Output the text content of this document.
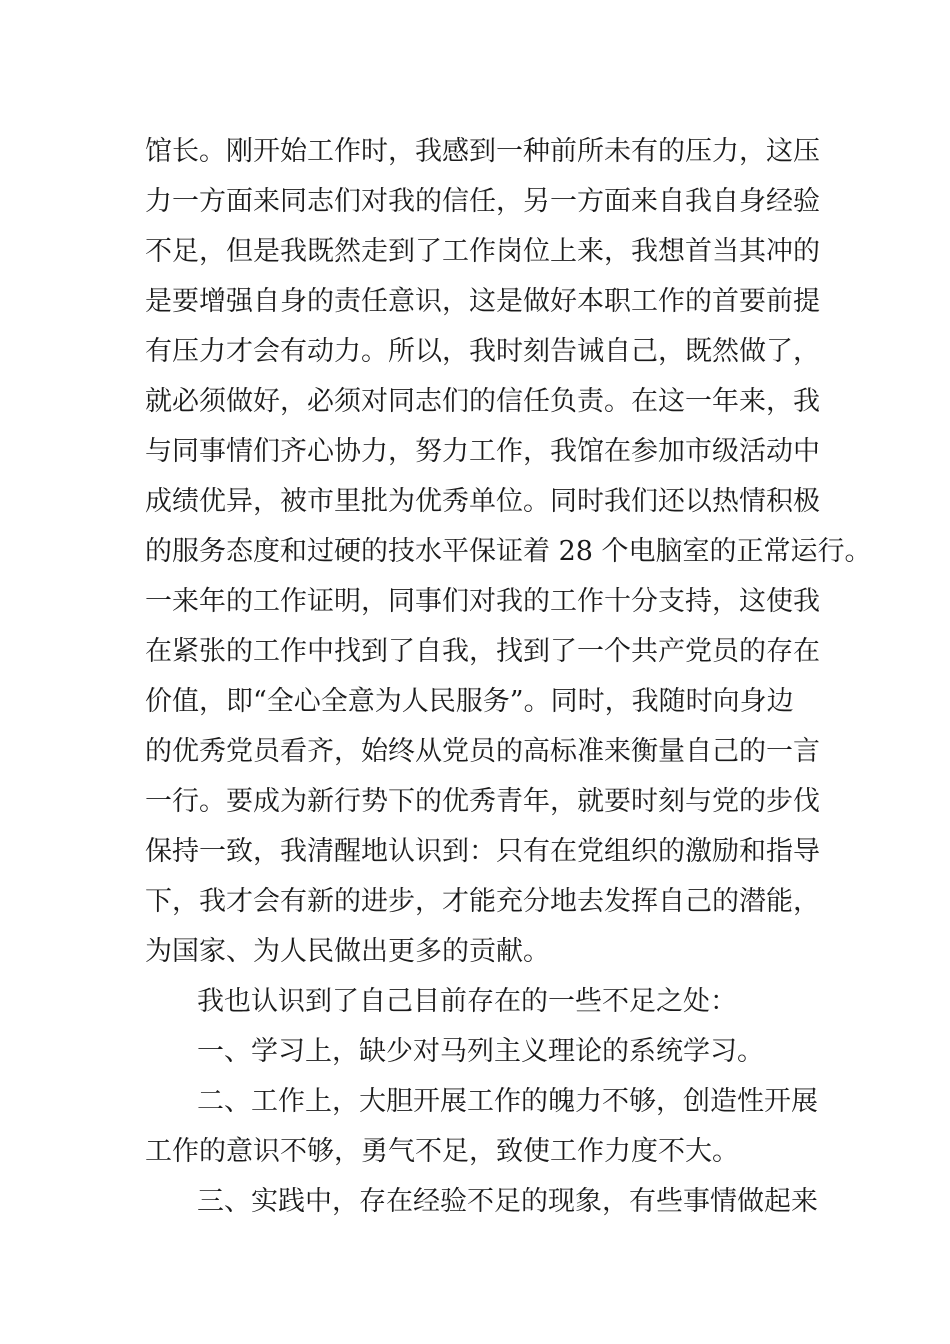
馆长。刚开始工作时，我感到一种前所未有的压力，这压
力一方面来同志们对我的信任，另一方面来自我自身经验
不足，但是我既然走到了工作岗位上来，我想首当其冲的
是要增强自身的责任意识，这是做好本职工作的首要前提
有压力才会有动力。所以，我时刻告诫自己，既然做了，
就必须做好，必须对同志们的信任负责。在这一年来，我
与同事情们齐心协力，努力工作，我馆在参加市级活动中
成绩优异，被市里批为优秀单位。同时我们还以热情积极
的服务态度和过硬的技水平保证着 28 个电脑室的正常运行。
一来年的工作证明，同事们对我的工作十分支持，这使我
在紧张的工作中找到了自我，找到了一个共产党员的存在
价值，即“全心全意为人民服务”。同时，我随时向身边
的优秀党员看齐，始终从党员的高标准来衡量自己的一言
一行。要成为新行势下的优秀青年，就要时刻与党的步伐
保持一致，我清醒地认识到：只有在党组织的激励和指导
下，我才会有新的进步，才能充分地去发挥自己的潜能，
为国家、为人民做出更多的贡献。
我也认识到了自己目前存在的一些不足之处：
一、学习上，缺少对马列主义理论的系统学习。
二、工作上，大胆开展工作的魄力不够，创造性开展
工作的意识不够，勇气不足，致使工作力度不大。
三、实践中，存在经验不足的现象，有些事情做起来
